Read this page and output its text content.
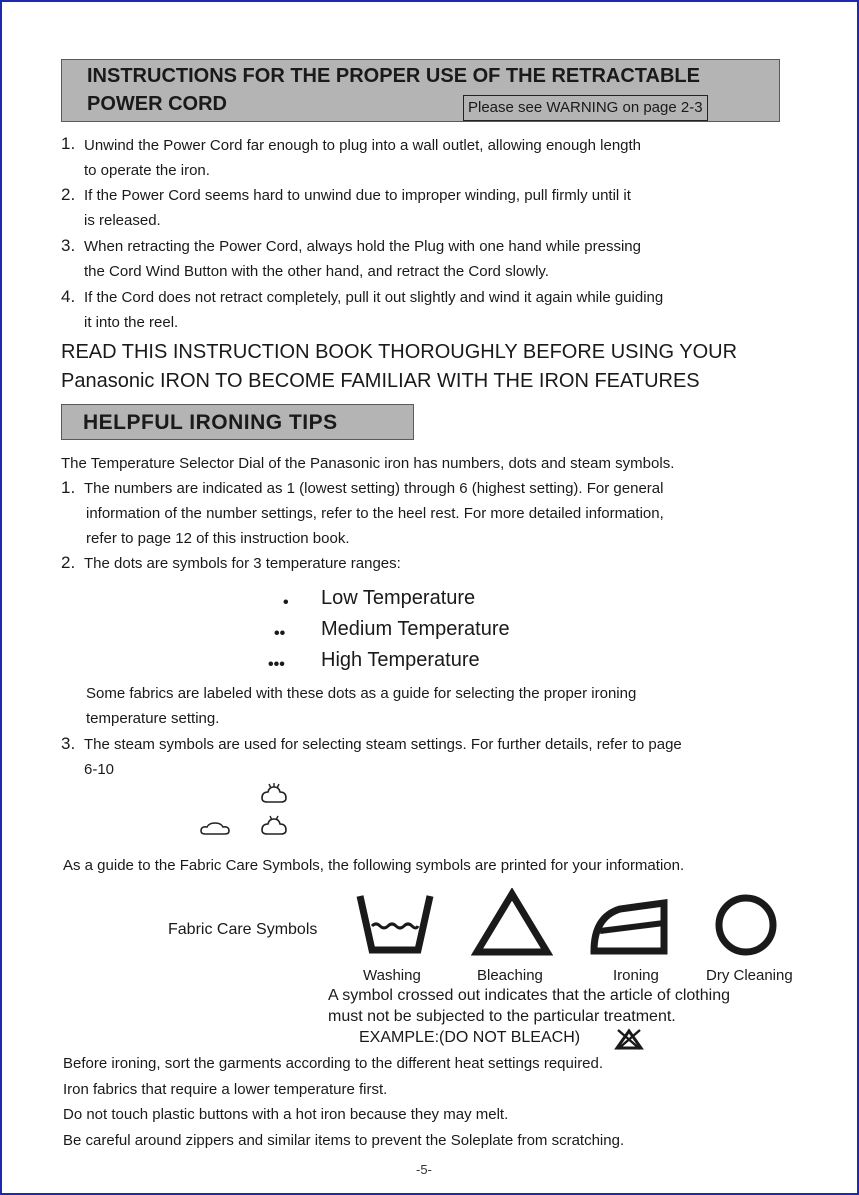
INSTRUCTIONS FOR THE PROPER USE OF THE RETRACTABLE
POWER CORD	Please see WARNING on page 2-3
1. Unwind the Power Cord far enough to plug into a wall outlet, allowing enough length
to operate the iron.
2. If the Power Cord seems hard to unwind due to improper winding, pull firmly until it
is released.
3. When retracting the Power Cord, always hold the Plug with one hand while pressing
the Cord Wind Button with the other hand, and retract the Cord slowly.
4. If the Cord does not retract completely, pull it out slightly and wind it again while guiding
it into the reel.
READ THIS INSTRUCTION BOOK THOROUGHLY BEFORE USING YOUR
Panasonic IRON TO BECOME FAMILIAR WITH THE IRON FEATURES
HELPFUL IRONING TIPS
The Temperature Selector Dial of the Panasonic iron has numbers, dots and steam symbols.
1. The numbers are indicated as 1 (lowest setting) through 6 (highest setting). For general
information of the number settings, refer to the heel rest. For more detailed information,
refer to page 12 of this instruction book.
2. The dots are symbols for 3 temperature ranges:
• Low Temperature
•• Medium Temperature
••• High Temperature
Some fabrics are labeled with these dots as a guide for selecting the proper ironing
temperature setting.
3. The steam symbols are used for selecting steam settings. For further details, refer to page
6-10
As a guide to the Fabric Care Symbols, the following symbols are printed for your information.
Fabric Care Symbols
Washing	Bleaching	Ironing	Dry Cleaning
A symbol crossed out indicates that the article of clothing
must not be subjected to the particular treatment.
EXAMPLE:(DO NOT BLEACH)
Before ironing, sort the garments according to the different heat settings required.
Iron fabrics that require a lower temperature first.
Do not touch plastic buttons with a hot iron because they may melt.
Be careful around zippers and similar items to prevent the Soleplate from scratching.
-5-
